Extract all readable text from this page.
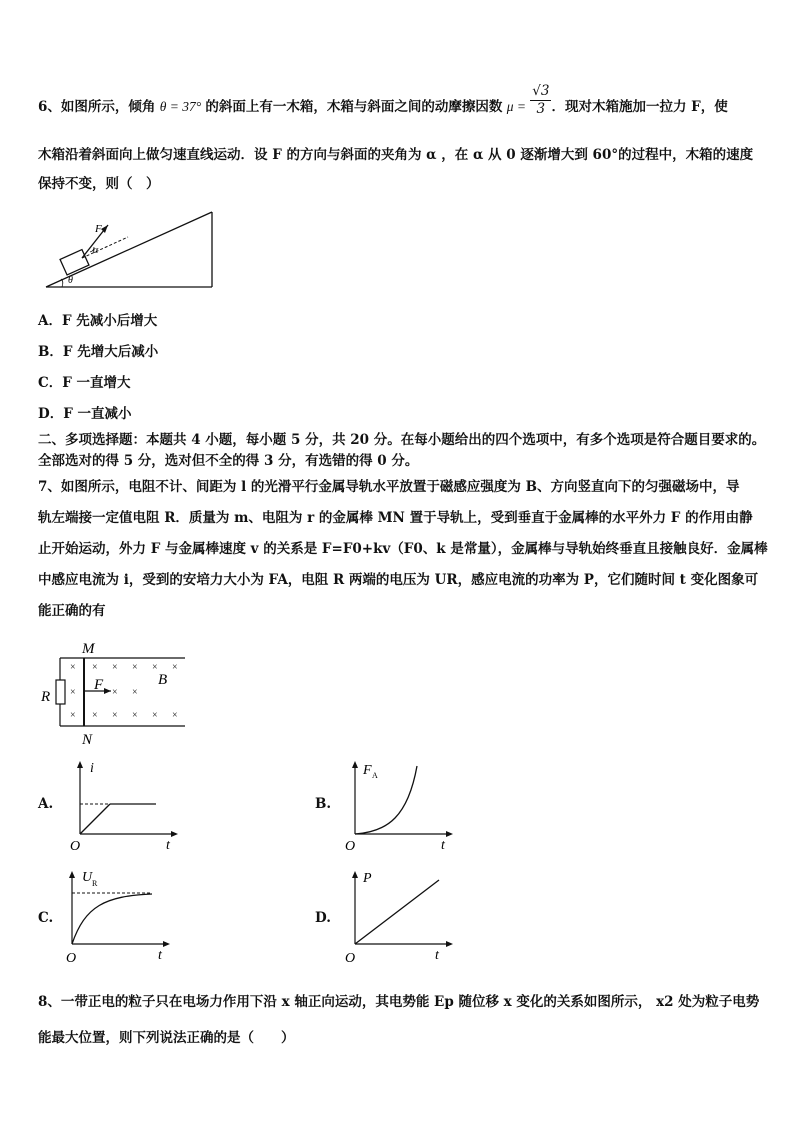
6、如图所示，倾角 θ = 37° 的斜面上有一木箱，木箱与斜面之间的动摩擦因数 $\mu = \frac{√3}{3}$ ．现对木箱施加一拉力 F，使
木箱沿着斜面向上做匀速直线运动．设 F 的方向与斜面的夹角为 α ，在 α 从 0 逐渐增大到 60°的过程中，木箱的速度
保持不变，则（　）
F
α
θ
A．F 先减小后增大
B．F 先增大后减小
C．F 一直增大
D．F 一直减小
二、多项选择题：本题共 4 小题，每小题 5 分，共 20 分。在每小题给出的四个选项中，有多个选项是符合题目要求的。
全部选对的得 5 分，选对但不全的得 3 分，有选错的得 0 分。
7、如图所示，电阻不计、间距为 l 的光滑平行金属导轨水平放置于磁感应强度为 B、方向竖直向下的匀强磁场中，导
轨左端接一定值电阻 R．质量为 m、电阻为 r 的金属棒 MN 置于导轨上，受到垂直于金属棒的水平外力 F 的作用由静
止开始运动，外力 F 与金属棒速度 v 的关系是 F=F0+kv（F0、k 是常量），金属棒与导轨始终垂直且接触良好．金属棒
中感应电流为 i，受到的安培力大小为 FA，电阻 R 两端的电压为 UR，感应电流的功率为 P，它们随时间 t 变化图象可
能正确的有
M
N
R
F	B
×
×
×
×
×
×
×
×
×
×
×
×
×
×
×
A.
i
t
O
B.
F A
t
O
C.
U R
t
O
D.
P
t
O
8、一带正电的粒子只在电场力作用下沿 x 轴正向运动，其电势能 Ep 随位移 x 变化的关系如图所示， x2 处为粒子电势
能最大位置，则下列说法正确的是（　　）
